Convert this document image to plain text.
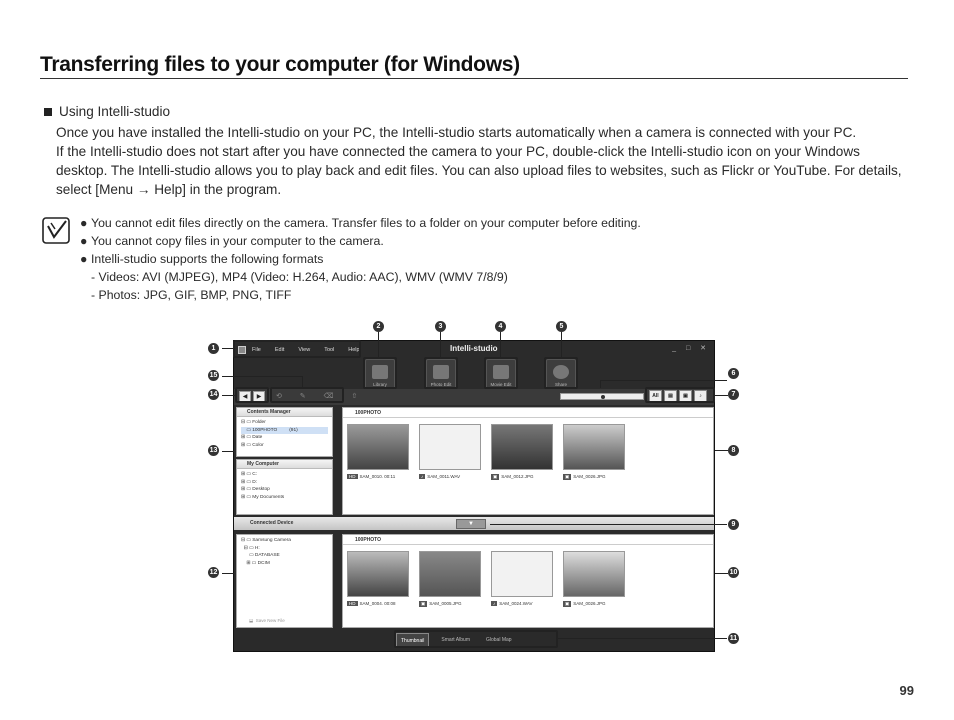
Transferring files to your computer (for Windows)
Using Intelli-studio
Once you have installed the Intelli-studio on your PC, the Intelli-studio starts automatically when a camera is connected with your PC.
If the Intelli-studio does not start after you have connected the camera to your PC, double-click the Intelli-studio icon on your Windows desktop. The Intelli-studio allows you to play back and edit files. You can also upload files to websites, such as Flickr or YouTube. For details, select [Menu → Help] in the program.
● You cannot edit files directly on the camera. Transfer files to a folder on your computer before editing.
● You cannot copy files in your computer to the camera.
● Intelli-studio supports the following formats
- Videos: AVI (MJPEG), MP4 (Video: H.264, Audio: AAC), WMV (WMV 7/8/9)
- Photos: JPG, GIF, BMP, PNG, TIFF
File	Edit	View	Tool	Help	Intelli-studio	_ □ ✕
Library	Photo Edit	Movie Edit	Share
◀	▶	⟲ ✎ ⌫ ⇧	All	▤	▣	♪
Contents Manager
⊟ ▭ Folder
▭ 100PHOTO	(91)
⊞ ▭ Date
⊞ ▭ Color
My Computer
⊞ ▭ C:
⊞ ▭ D:
⊞ ▭ Desktop
⊞ ▭ My Documents
100PHOTO
HD SAM_0010. 00:11	♪ SAM_0011.WAV	▣ SAM_0012.JPG	▣ SAM_0026.JPG
Connected Device	▼
⊟ ▭ Samsung Camera
⊟ ▭ H:
▭ DATABASE
⊞ ▭ DCIM
⬓  Save New File
100PHOTO
HD SAM_0004. 00:08	▣ SAM_0005.JPG	♪ SAM_0024.WAV	▣ SAM_0026.JPG
Thumbnail	Smart Album	Global Map
1
2	3	4	5
6
7
8
9
10
11
12
13
14
15
99
